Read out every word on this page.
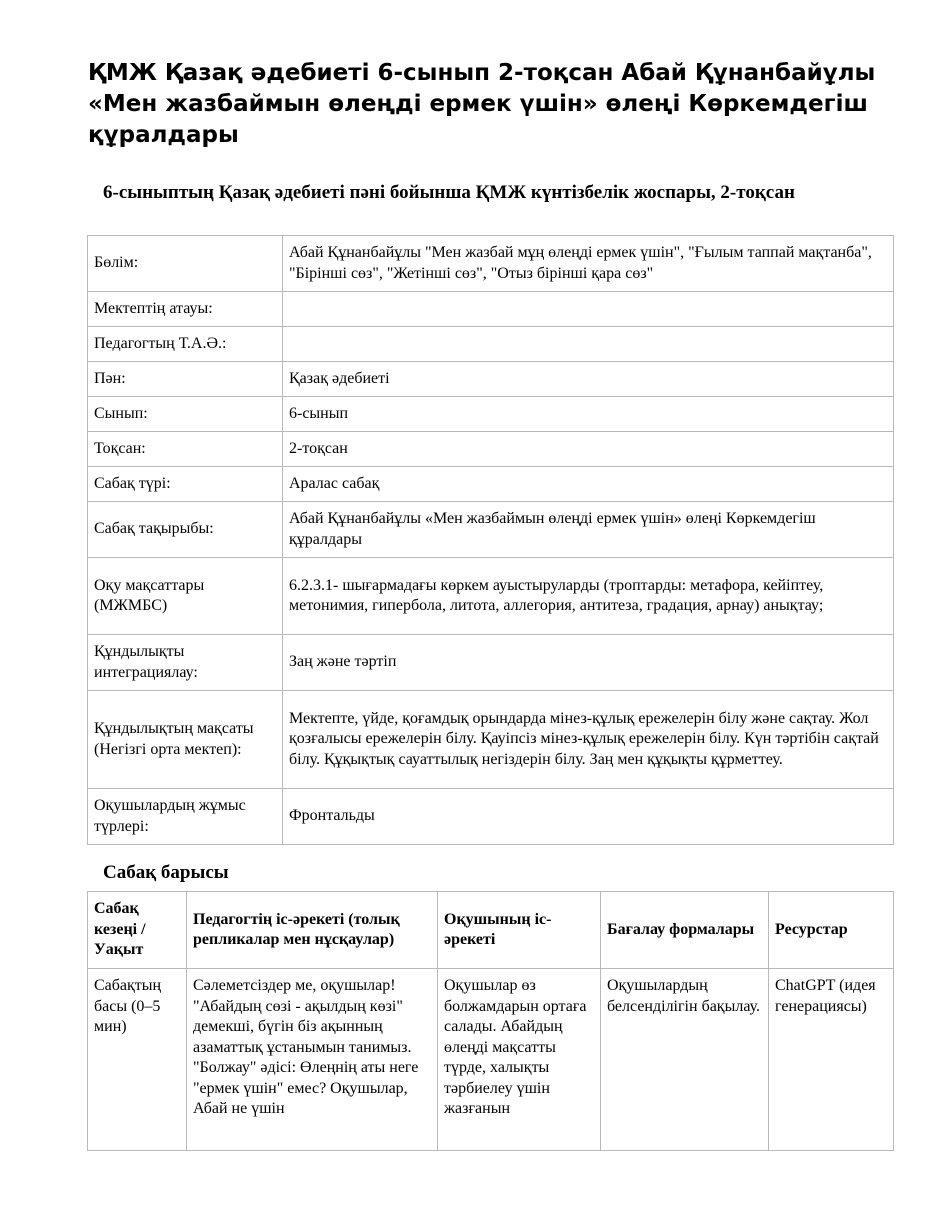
ҚМЖ Қазақ әдебиеті 6-сынып 2-тоқсан Абай Құнанбайұлы «Мен жазбаймын өлеңді ермек үшін» өлеңі Көркемдегіш құралдары
6-сыныптың Қазақ әдебиеті пәні бойынша ҚМЖ күнтізбелік жоспары, 2-тоқсан
Бөлім:	Абай Құнанбайұлы "Мен жазбай мұң өлеңді ермек үшін", "Ғылым таппай мақтанба", "Бірінші сөз", "Жетінші сөз", "Отыз бірінші қара сөз"
Мектептің атауы:	
Педагогтың Т.А.Ә.:	
Пән:	Қазақ әдебиеті
Сынып:	6-сынып
Тоқсан:	2-тоқсан
Сабақ түрі:	Аралас сабақ
Сабақ тақырыбы:	Абай Құнанбайұлы «Мен жазбаймын өлеңді ермек үшін» өлеңі Көркемдегіш құралдары
Оқу мақсаттары (МЖМБС)	6.2.3.1- шығармадағы көркем ауыстыруларды (троптарды: метафора, кейіптеу, метонимия, гипербола, литота, аллегория, антитеза, градация, арнау) анықтау;
Құндылықты интеграциялау:	Заң және тәртіп
Құндылықтың мақсаты (Негізгі орта мектеп):	Мектепте, үйде, қоғамдық орындарда мінез-құлық ережелерін білу және сақтау. Жол қозғалысы ережелерін білу. Қауіпсіз мінез-құлық ережелерін білу. Күн тәртібін сақтай білу. Құқықтық сауаттылық негіздерін білу. Заң мен құқықты құрметтеу.
Оқушылардың жұмыс түрлері:	Фронтальды
Сабақ барысы
Сабақ кезеңі / Уақыт	Педагогтің іс-әрекеті (толық репликалар мен нұсқаулар)	Оқушының іс-әрекеті	Бағалау формалары	Ресурстар
Сабақтың басы (0–5 мин)	Сәлеметсіздер ме, оқушылар! "Абайдың сөзі - ақылдың көзі" демекші, бүгін біз ақынның азаматтық ұстанымын танимыз. "Болжау" әдісі: Өлеңнің аты неге "ермек үшін" емес? Оқушылар, Абай не үшін	Оқушылар өз болжамдарын ортаға салады. Абайдың өлеңді мақсатты түрде, халықты тәрбиелеу үшін жазғанын	Оқушылардың белсенділігін бақылау.	ChatGPT (идея генерациясы)
